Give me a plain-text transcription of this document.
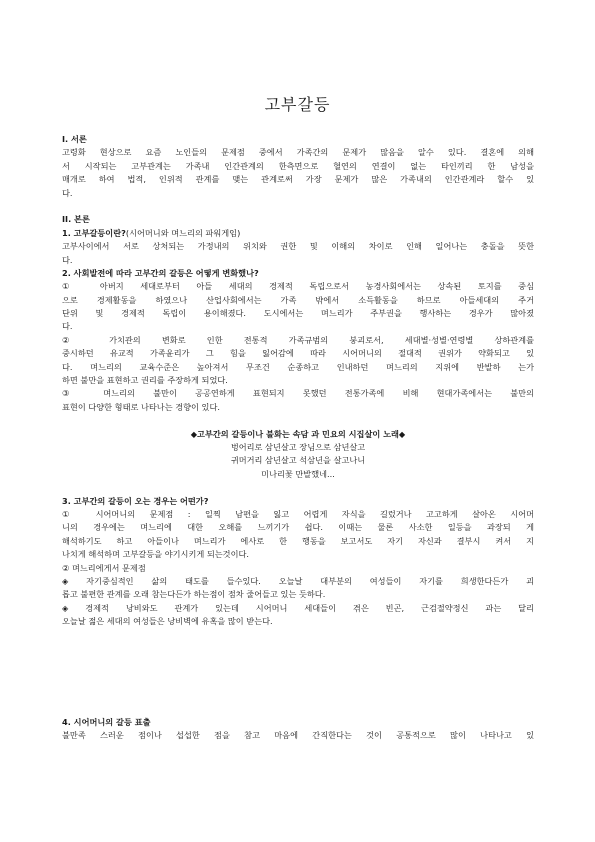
고부갈등
I. 서론
고령화 현상으로 요즘 노인들의 문제점 중에서 가족간의 문제가 많음을 알수 있다. 결혼에 의해
서 시작되는 고부관계는 가족내 인간관계의 한측면으로 혈연의 연결이 없는 타인끼리 한 남성을
매개로 하여 법적, 인위적 관계를 맺는 관계로써 가장 문제가 많은 가족내의 인간관계라 할수 있
다.
II. 본론
1. 고부갈등이란?(시어머니와 며느리의 파워게임)
고부사이에서 서로 상처되는 가정내의 위치와 권한 및 이해의 차이로 인해 일어나는 충돌을 뜻한
다.
2. 사회발전에 따라 고부간의 갈등은 어떻게 변화했나?
① 아버지 세대로부터 아들 세대의 경제적 독립으로서 농경사회에서는 상속된 토지를 중심
으로 경제활동을 하였으나 산업사회에서는 가족 밖에서 소득활동을 하므로 아들세대의 주거
단위 및 경제적 독립이 용이해졌다. 도시에서는 며느리가 주부권을 행사하는 경우가 많아졌
다.
② 가치관의 변화로 인한 전통적 가족규범의 붕괴로서, 세대별·성별·연령별 상하관계를
중시하던 유교적 가족윤리가 그 힘을 잃어감에 따라 시어머니의 절대적 권위가 약화되고 있
다. 며느리의 교육수준은 높아져서 무조건 순종하고 인내하던 며느리의 지위에 반발하 는가
하면 불만을 표현하고 권리를 주장하게 되었다.
③ 며느리의 불만이 공공연하게 표현되지 못했던 전통가족에 비해 현대가족에서는 불만의
표현이 다양한 형태로 나타나는 경향이 있다.
◆고부간의 갈등이나 불화는 속담 과 민요의 시집살이 노래◆
벙어리로 삼년살고 장님으로 삼년살고
귀머거리 삼년살고 석삼년을 살고나니
미나리꽃 만발했네...
3. 고부간의 갈등이 오는 경우는 어떤가?
① 시어머니의 문제점 : 일찍 남편을 잃고 어렵게 자식을 길렀거나 고고하게 살아온 시어머
니의 경우에는 며느리에 대한 오해를 느끼기가 쉽다. 이때는 물론 사소한 일등을 과장되 게
해석하기도 하고 아들이나 며느리가 에사로 한 행동을 보고서도 자기 자신과 결부시 켜서 지
나치게 해석하며 고부갈등을 야기시키게 되는것이다.
② 며느리에게서 문제점
◈ 자기중심적인 삶의 태도를 들수있다. 오늘날 대부분의 여성들이 자기를 희생한다든가 괴
롭고 불편한 관계를 오래 참는다든가 하는점이 점차 줄어들고 있는 듯하다.
◈ 경제적 낭비와도 관계가 있는데 시어머니 세대들이 겪은 빈곤, 근검절약정신 과는 달리
오늘날 젊은 세대의 여성들은 낭비벽에 유혹을 많이 받는다.
4. 시어머니의 갈등 표출
불만족 스러운 점이나 섭섭한 점을 참고 마음에 간직한다는 것이 공통적으로 많이 나타나고 있
